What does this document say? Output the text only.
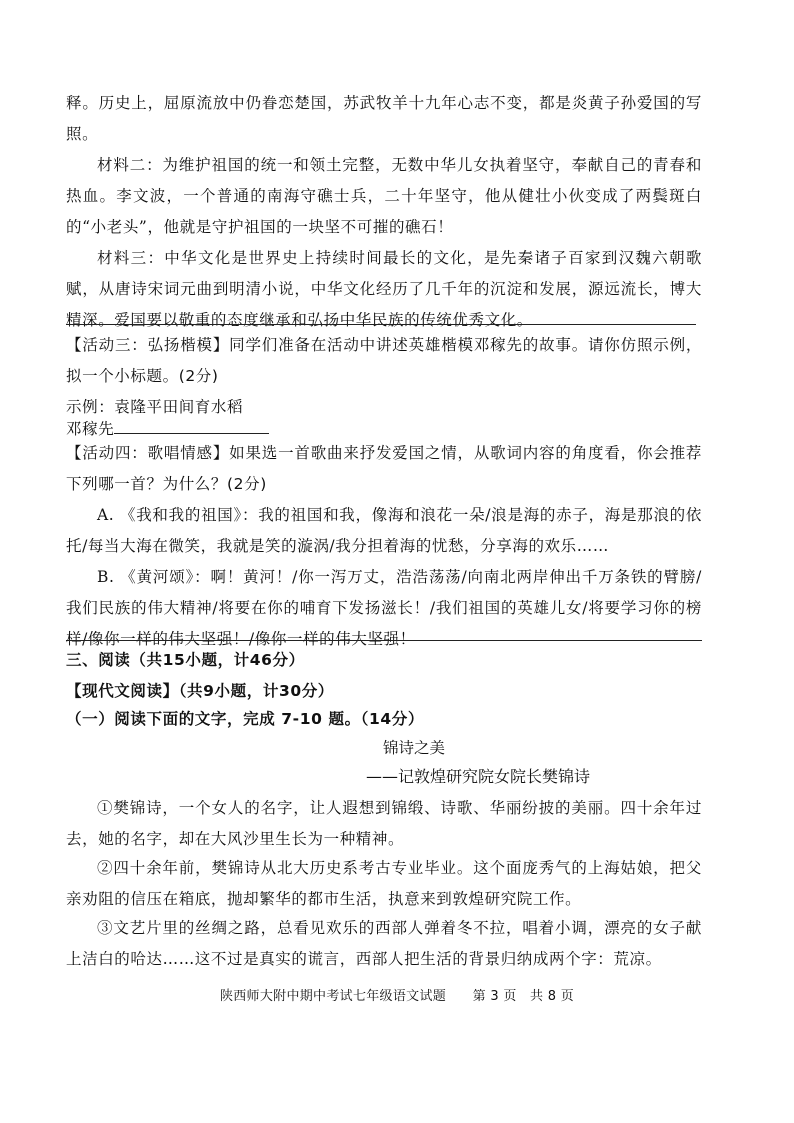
释。历史上，屈原流放中仍眷恋楚国，苏武牧羊十九年心志不变，都是炎黄子孙爱国的写照。

材料二：为维护祖国的统一和领土完整，无数中华儿女执着坚守，奉献自己的青春和热血。李文波，一个普通的南海守礁士兵，二十年坚守，他从健壮小伙变成了两鬓斑白的“小老头”，他就是守护祖国的一块坚不可摧的礁石！

材料三：中华文化是世界史上持续时间最长的文化，是先秦诸子百家到汉魏六朝歌赋，从唐诗宋词元曲到明清小说，中华文化经历了几千年的沉淀和发展，源远流长，博大精深。爱国要以敬重的态度继承和弘扬中华民族的传统优秀文化。

【活动三：弘扬楷模】同学们准备在活动中讲述英雄楷模邓稼先的故事。请你仿照示例，拟一个小标题。(2分)

示例：袁隆平田间育水稻

邓稼先

【活动四：歌唱情感】如果选一首歌曲来抒发爱国之情，从歌词内容的角度看，你会推荐下列哪一首？为什么？(2分)

A. 《我和我的祖国》：我的祖国和我，像海和浪花一朵/浪是海的赤子，海是那浪的依托/每当大海在微笑，我就是笑的漩涡/我分担着海的忧愁，分享海的欢乐……

B. 《黄河颂》：啊！黄河！/你一泻万丈，浩浩荡荡/向南北两岸伸出千万条铁的臂膀/我们民族的伟大精神/将要在你的哺育下发扬滋长！/我们祖国的英雄儿女/将要学习你的榜样/像你一样的伟大坚强！/像你一样的伟大坚强！

三、阅读（共15小题，计46分）

【现代文阅读】（共9小题，计30分）

（一）阅读下面的文字，完成 7-10 题。（14分）

锦诗之美
——记敦煌研究院女院长樊锦诗

①樊锦诗，一个女人的名字，让人遐想到锦缎、诗歌、华丽纷披的美丽。四十余年过去，她的名字，却在大风沙里生长为一种精神。

②四十余年前，樊锦诗从北大历史系考古专业毕业。这个面庞秀气的上海姑娘，把父亲劝阻的信压在箱底，抛却繁华的都市生活，执意来到敦煌研究院工作。

③文艺片里的丝绸之路，总看见欢乐的西部人弹着冬不拉，唱着小调，漂亮的女子献上洁白的哈达……这不过是真实的谎言，西部人把生活的背景归纳成两个字：荒凉。

陕西师大附中期中考试七年级语文试题　　第 3 页　共 8 页
